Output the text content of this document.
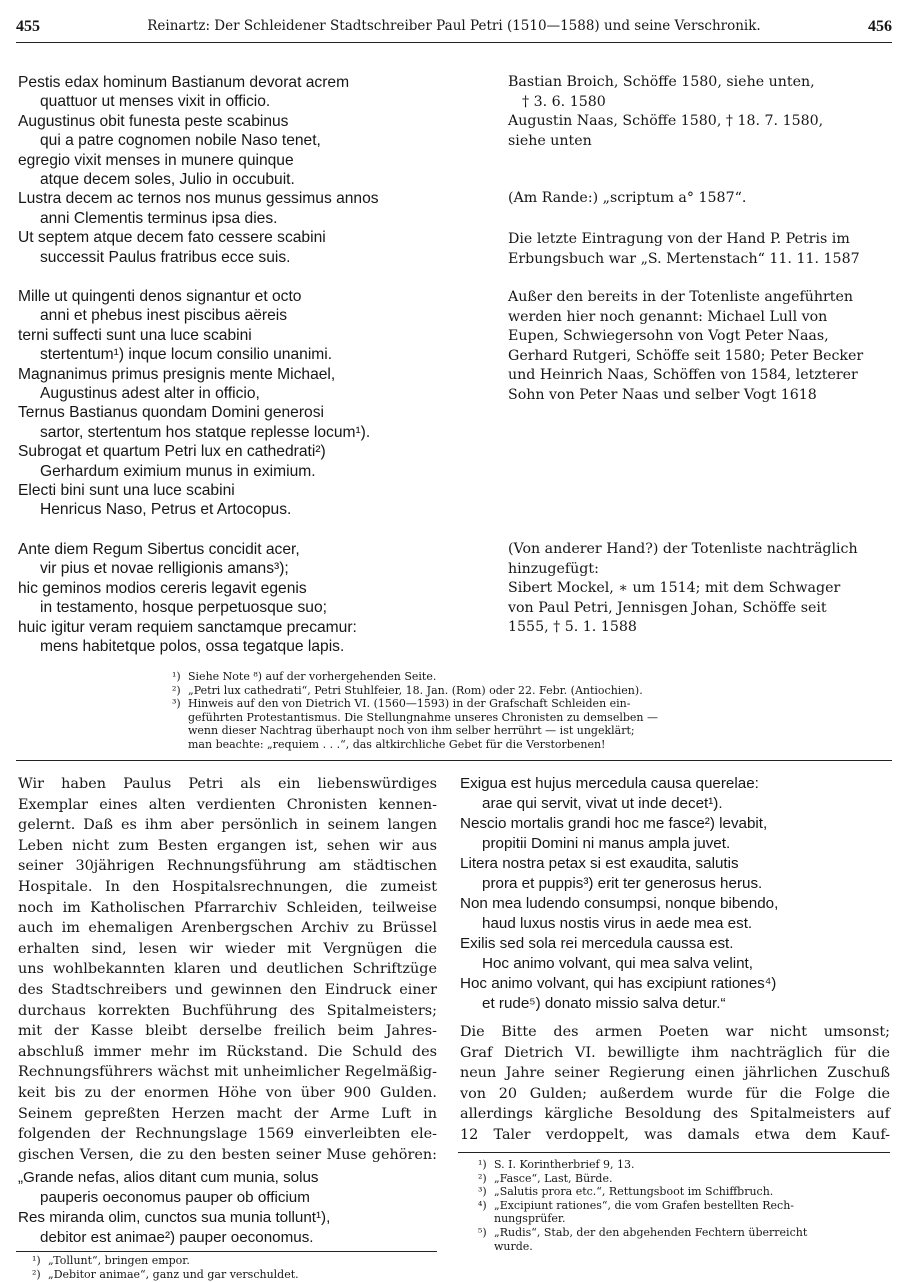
455	Reinartz: Der Schleidener Stadtschreiber Paul Petri (1510—1588) und seine Verschronik.	456
Pestis edax hominum Bastianum devorat acrem
quattuor ut menses vixit in officio.
Augustinus obit funesta peste scabinus
qui a patre cognomen nobile Naso tenet,
egregio vixit menses in munere quinque
atque decem soles, Julio in occubuit.
Lustra decem ac ternos nos munus gessimus annos
anni Clementis terminus ipsa dies.
Ut septem atque decem fato cessere scabini
successit Paulus fratribus ecce suis.
Mille ut quingenti denos signantur et octo
anni et phebus inest piscibus aëreis
terni suffecti sunt una luce scabini
stertentum¹) inque locum consilio unanimi.
Magnanimus primus presignis mente Michael,
Augustinus adest alter in officio,
Ternus Bastianus quondam Domini generosi
sartor, stertentum hos statque replesse locum¹).
Subrogat et quartum Petri lux en cathedrati²)
Gerhardum eximium munus in eximium.
Electi bini sunt una luce scabini
Henricus Naso, Petrus et Artocopus.
Ante diem Regum Sibertus concidit acer,
vir pius et novae relligionis amans³);
hic geminos modios cereris legavit egenis
in testamento, hosque perpetuosque suo;
huic igitur veram requiem sanctamque precamur:
mens habitetque polos, ossa tegatque lapis.
Bastian Broich, Schöffe 1580, siehe unten,
† 3. 6. 1580
Augustin Naas, Schöffe 1580, † 18. 7. 1580,
siehe unten
(Am Rande:) „scriptum a° 1587“.
Die letzte Eintragung von der Hand P. Petris im
Erbungsbuch war „S. Mertenstach“ 11. 11. 1587
Außer den bereits in der Totenliste angeführten
werden hier noch genannt: Michael Lull von
Eupen, Schwiegersohn von Vogt Peter Naas,
Gerhard Rutgeri, Schöffe seit 1580; Peter Becker
und Heinrich Naas, Schöffen von 1584, letzterer
Sohn von Peter Naas und selber Vogt 1618
(Von anderer Hand?) der Totenliste nachträglich
hinzugefügt:
Sibert Mockel, ∗ um 1514; mit dem Schwager
von Paul Petri, Jennisgen Johan, Schöffe seit
1555, † 5. 1. 1588
¹) Siehe Note ⁸) auf der vorhergehenden Seite.
²) „Petri lux cathedrati“, Petri Stuhlfeier, 18. Jan. (Rom) oder 22. Febr. (Antiochien).
³) Hinweis auf den von Dietrich VI. (1560—1593) in der Grafschaft Schleiden ein-
geführten Protestantismus. Die Stellungnahme unseres Chronisten zu demselben —
wenn dieser Nachtrag überhaupt noch von ihm selber herrührt — ist ungeklärt;
man beachte: „requiem . . .“, das altkirchliche Gebet für die Verstorbenen!
Wir haben Paulus Petri als ein liebenswürdiges
Exemplar eines alten verdienten Chronisten kennen-
gelernt. Daß es ihm aber persönlich in seinem langen
Leben nicht zum Besten ergangen ist, sehen wir aus
seiner 30jährigen Rechnungsführung am städtischen
Hospitale. In den Hospitalsrechnungen, die zumeist
noch im Katholischen Pfarrarchiv Schleiden, teilweise
auch im ehemaligen Arenbergschen Archiv zu Brüssel
erhalten sind, lesen wir wieder mit Vergnügen die
uns wohlbekannten klaren und deutlichen Schriftzüge
des Stadtschreibers und gewinnen den Eindruck einer
durchaus korrekten Buchführung des Spitalmeisters;
mit der Kasse bleibt derselbe freilich beim Jahres-
abschluß immer mehr im Rückstand. Die Schuld des
Rechnungsführers wächst mit unheimlicher Regelmäßig-
keit bis zu der enormen Höhe von über 900 Gulden.
Seinem gepreßten Herzen macht der Arme Luft in
folgenden der Rechnungslage 1569 einverleibten ele-
gischen Versen, die zu den besten seiner Muse gehören:
„Grande nefas, alios ditant cum munia, solus
pauperis oeconomus pauper ob officium
Res miranda olim, cunctos sua munia tollunt¹),
debitor est animae²) pauper oeconomus.
¹) „Tollunt“, bringen empor.
²) „Debitor animae“, ganz und gar verschuldet.
Exigua est hujus mercedula causa querelae:
arae qui servit, vivat ut inde decet¹).
Nescio mortalis grandi hoc me fasce²) levabit,
propitii Domini ni manus ampla juvet.
Litera nostra petax si est exaudita, salutis
prora et puppis³) erit ter generosus herus.
Non mea ludendo consumpsi, nonque bibendo,
haud luxus nostis virus in aede mea est.
Exilis sed sola rei mercedula caussa est.
Hoc animo volvant, qui mea salva velint,
Hoc animo volvant, qui has excipiunt rationes⁴)
et rude⁵) donato missio salva detur.“
Die Bitte des armen Poeten war nicht umsonst;
Graf Dietrich VI. bewilligte ihm nachträglich für die
neun Jahre seiner Regierung einen jährlichen Zuschuß
von 20 Gulden; außerdem wurde für die Folge die
allerdings kärgliche Besoldung des Spitalmeisters auf
12 Taler verdoppelt, was damals etwa dem Kauf-
¹) S. I. Korintherbrief 9, 13.
²) „Fasce“, Last, Bürde.
³) „Salutis prora etc.“, Rettungsboot im Schiffbruch.
⁴) „Excipiunt rationes“, die vom Grafen bestellten Rech-
nungsprüfer.
⁵) „Rudis“, Stab, der den abgehenden Fechtern überreicht
wurde.
